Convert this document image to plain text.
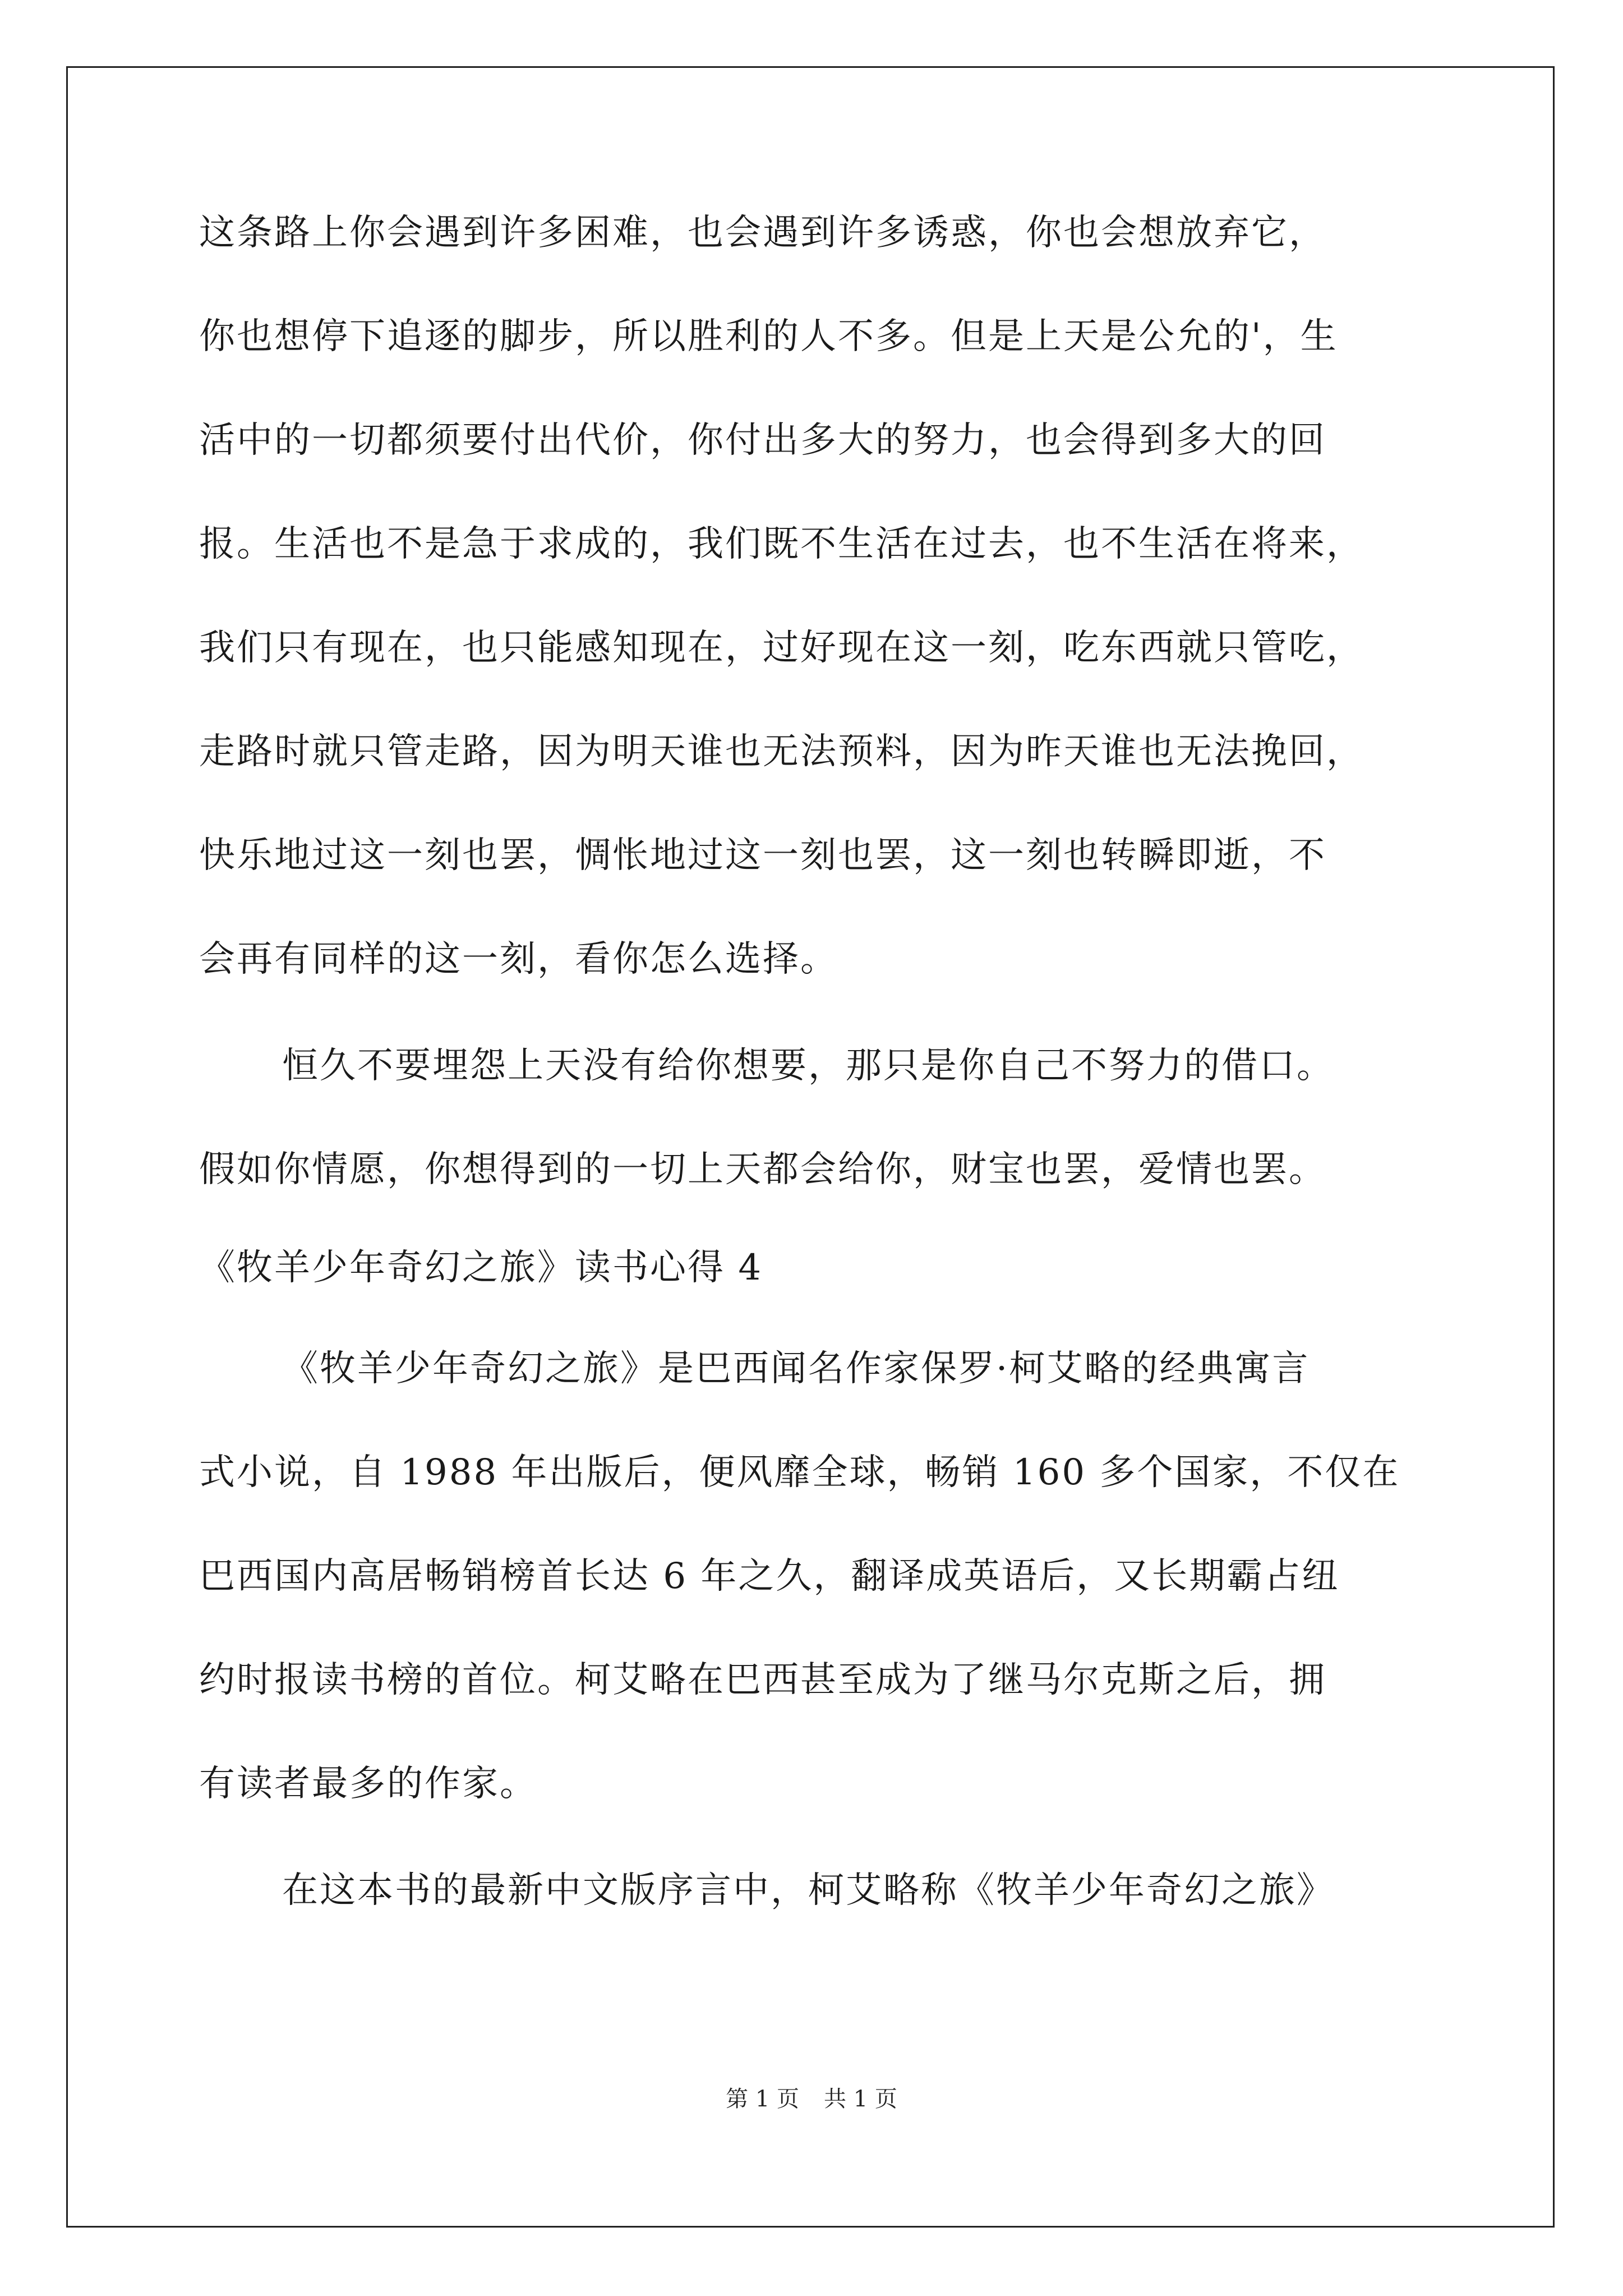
这条路上你会遇到许多困难，也会遇到许多诱惑，你也会想放弃它，
你也想停下追逐的脚步，所以胜利的人不多。但是上天是公允的'，生
活中的一切都须要付出代价，你付出多大的努力，也会得到多大的回
报。生活也不是急于求成的，我们既不生活在过去，也不生活在将来，
我们只有现在，也只能感知现在，过好现在这一刻，吃东西就只管吃，
走路时就只管走路，因为明天谁也无法预料，因为昨天谁也无法挽回，
快乐地过这一刻也罢，惆怅地过这一刻也罢，这一刻也转瞬即逝，不
会再有同样的这一刻，看你怎么选择。
恒久不要埋怨上天没有给你想要，那只是你自己不努力的借口。
假如你情愿，你想得到的一切上天都会给你，财宝也罢，爱情也罢。
《牧羊少年奇幻之旅》读书心得 4
《牧羊少年奇幻之旅》是巴西闻名作家保罗·柯艾略的经典寓言
式小说，自 1988 年出版后，便风靡全球，畅销 160 多个国家，不仅在
巴西国内高居畅销榜首长达 6 年之久，翻译成英语后，又长期霸占纽
约时报读书榜的首位。柯艾略在巴西甚至成为了继马尔克斯之后，拥
有读者最多的作家。
在这本书的最新中文版序言中，柯艾略称《牧羊少年奇幻之旅》
第 1 页 共 1 页
